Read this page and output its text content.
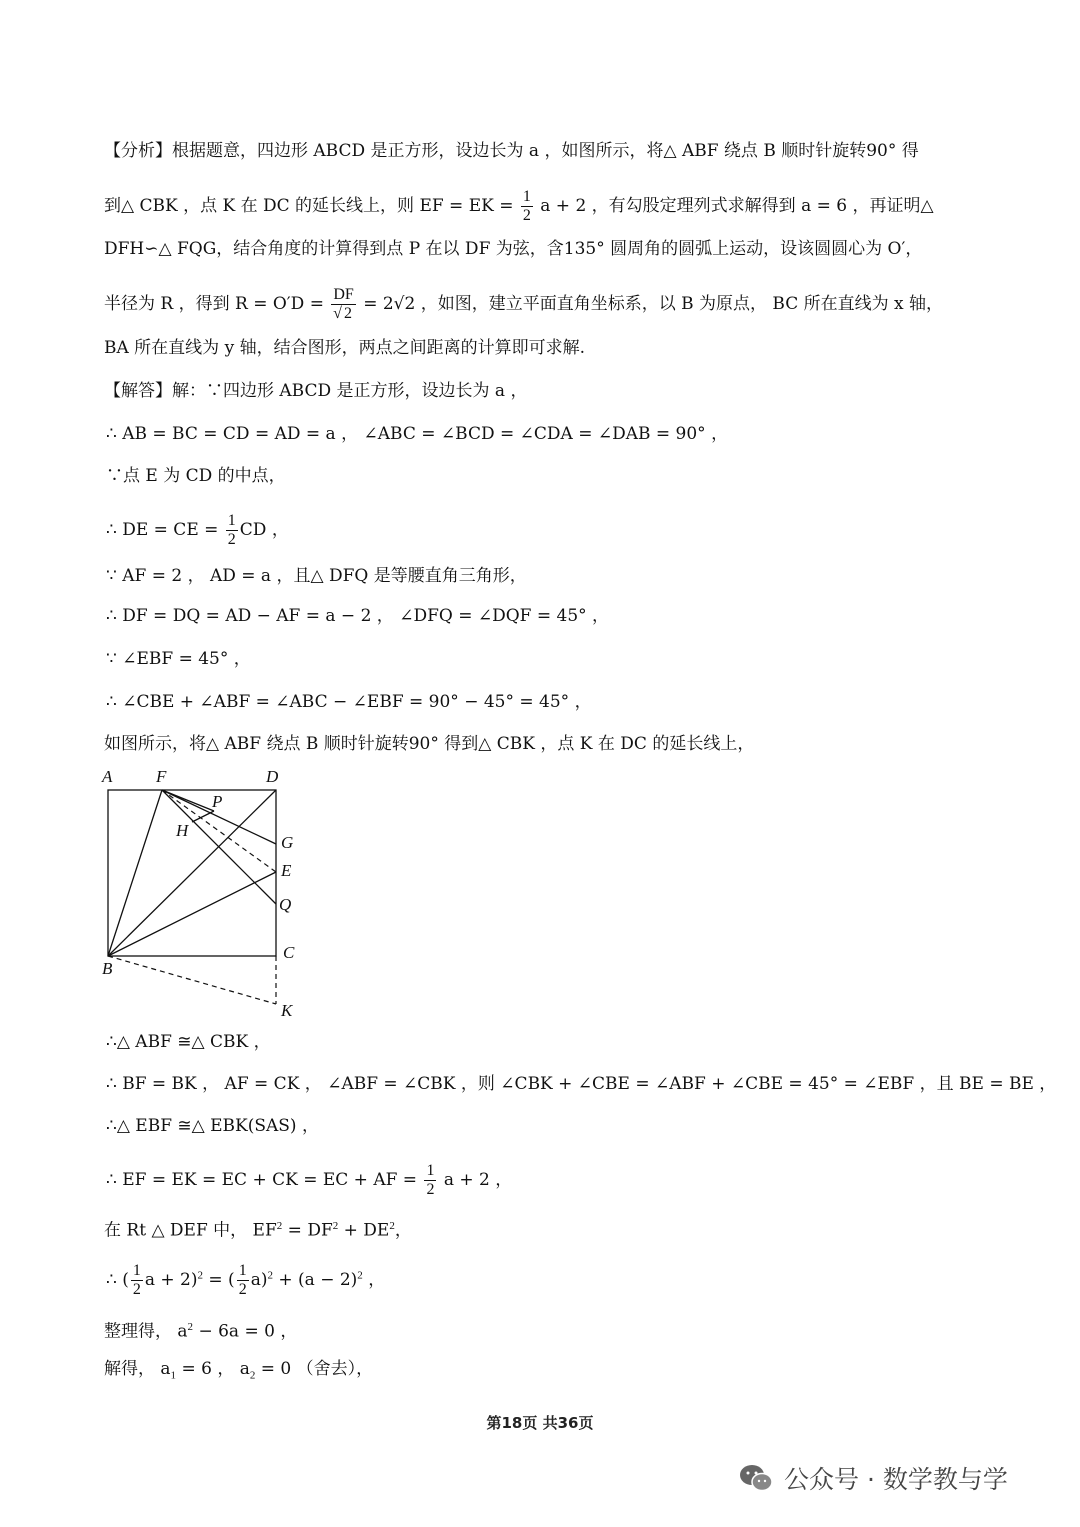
【分析】根据题意，四边形 ABCD 是正方形，设边长为 a ，如图所示，将△ ABF 绕点 B 顺时针旋转90° 得
到△ CBK ，点 K 在 DC 的延长线上，则 EF = EK = $\frac{1}{2}$ a + 2 ，有勾股定理列式求解得到 a = 6 ，再证明△
DFH∽△ FQG，结合角度的计算得到点 P 在以 DF 为弦，含135° 圆周角的圆弧上运动，设该圆圆心为 O′，
半径为 R ，得到 $R = O'D = \frac{DF}{√ 2} = 2√2$ ，如图，建立平面直角坐标系，以 B 为原点， BC 所在直线为 x 轴，
BA 所在直线为 y 轴，结合图形，两点之间距离的计算即可求解.
【解答】解：∵四边形 ABCD 是正方形，设边长为 a ，
∴ AB = BC = CD = AD = a ， ∠ABC = ∠BCD = ∠CDA = ∠DAB = 90° ，
∵点 E 为 CD 的中点，
∴ DE = CE = $\frac{1}{2}$ CD ，
∵ AF = 2 ， AD = a ，且△ DFQ 是等腰直角三角形，
∴ DF = DQ = AD − AF = a − 2 ， ∠DFQ = ∠DQF = 45° ，
∵ ∠EBF = 45° ，
∴ ∠CBE + ∠ABF = ∠ABC − ∠EBF = 90° − 45° = 45° ，
如图所示，将△ ABF 绕点 B 顺时针旋转90° 得到△ CBK ，点 K 在 DC 的延长线上，
A	F	D
P
H
G
E
Q
C
B
K
∴△ ABF ≅△ CBK ，
∴ BF = BK ， AF = CK ， ∠ABF = ∠CBK ，则 ∠CBK + ∠CBE = ∠ABF + ∠CBE = 45° = ∠EBF ，且 BE = BE ，
∴△ EBF ≅△ EBK(SAS) ，
∴ EF = EK = EC + CK = EC + AF = $\frac{1}{2}$ a + 2 ，
在 Rt △ DEF 中， $EF^2 = DF^2 + DE^2$，
∴ ( $\frac{1}{2}$ a + 2)$^2$ = ( $\frac{1}{2} a)^2 + (a - 2)^2$ ，
整理得， $a^2 - 6a = 0$ ，
解得， $a_1 = 6$ ， $a_2 = 0$ （舍去），
第18页 共36页
公众号 · 数学教与学
